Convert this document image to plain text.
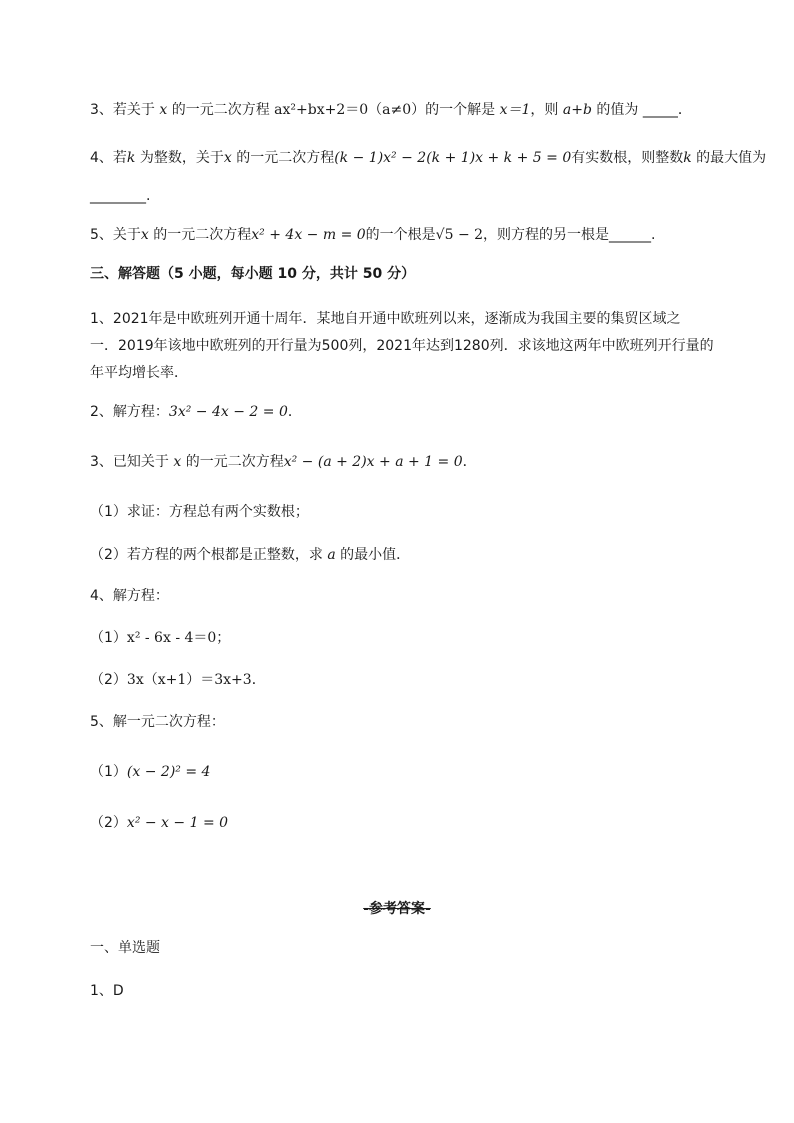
3、若关于 x 的一元二次方程 ax²+bx+2＝0（a≠0）的一个解是 x＝1，则 a+b 的值为 _____．
4、若k 为整数，关于x 的一元二次方程(k − 1)x² − 2(k + 1)x + k + 5 = 0有实数根，则整数k 的最大值为
________.
5、关于x 的一元二次方程x² + 4x − m = 0的一个根是√5 − 2，则方程的另一根是______.
三、解答题（5 小题，每小题 10 分，共计 50 分）
1、2021年是中欧班列开通十周年．某地自开通中欧班列以来，逐渐成为我国主要的集贸区域之
一．2019年该地中欧班列的开行量为500列，2021年达到1280列．求该地这两年中欧班列开行量的
年平均增长率．
2、解方程：3x² − 4x − 2 = 0．
3、已知关于 x 的一元二次方程x² − (a + 2)x + a + 1 = 0．
（1）求证：方程总有两个实数根；
（2）若方程的两个根都是正整数，求 a 的最小值．
4、解方程：
（1）x² - 6x - 4＝0；
（2）3x（x+1）＝3x+3．
5、解一元二次方程：
（1）(x − 2)² = 4
（2）x² − x − 1 = 0
-参考答案-
一、单选题
1、D
